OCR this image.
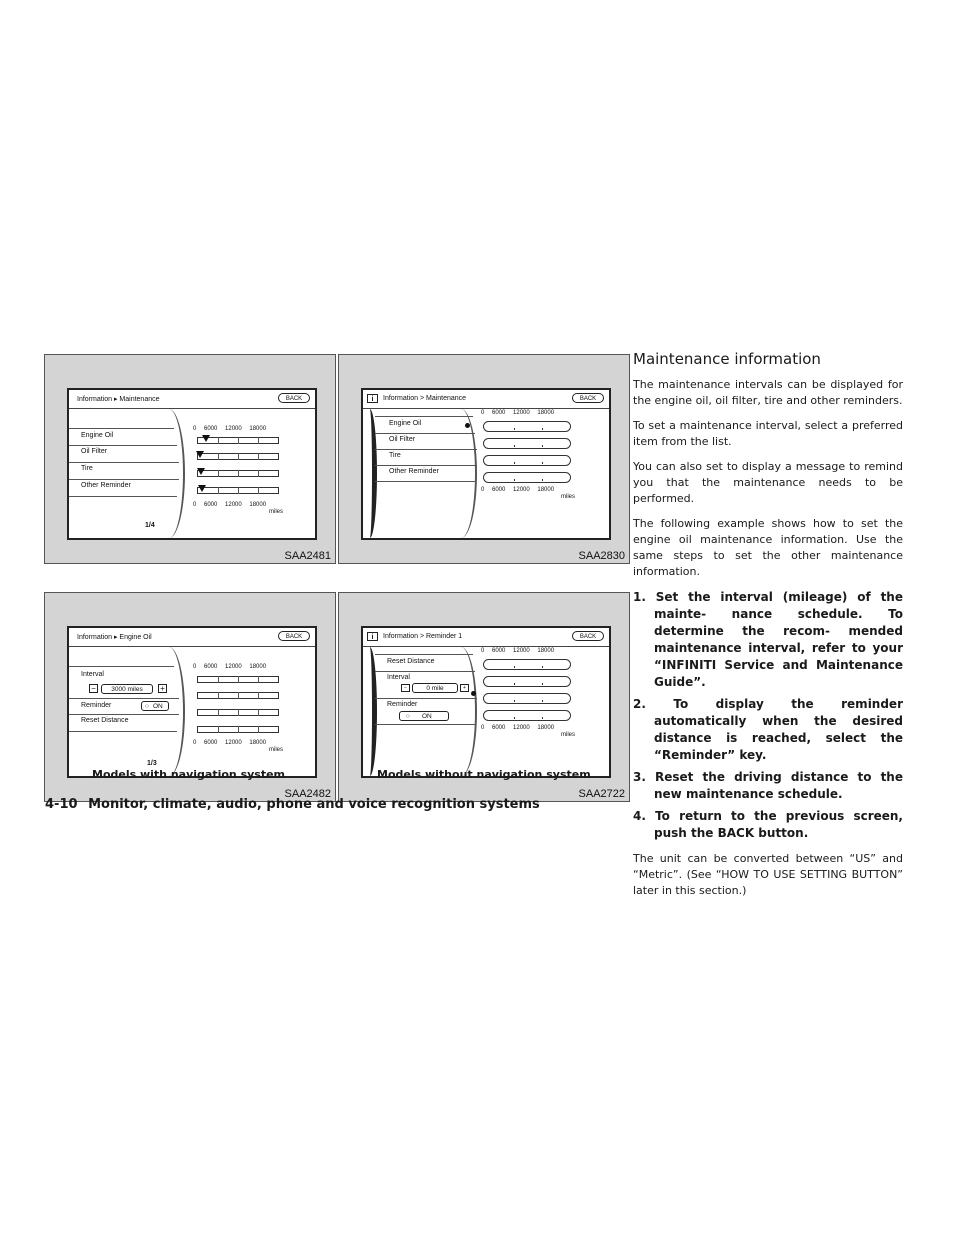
Information ▸ Maintenance	BACK
Engine Oil
Oil Filter
Tire
Other Reminder
0 6000 12000 18000
0 6000 12000 18000
miles
1/4
SAA2481
i	Information > Maintenance	BACK
Engine Oil
Oil Filter
Tire
Other Reminder
0 6000 12000 18000
0 6000 12000 18000
miles
SAA2830
Information ▸ Engine Oil	BACK
Interval
−	3000 miles	+
Reminder	○ ON
Reset Distance
0 6000 12000 18000
0 6000 12000 18000
miles
1/3
SAA2482
i	Information > Reminder 1	BACK
Reset Distance
Interval
−	0 mile	+
Reminder
○ ON
0 6000 12000 18000
0 6000 12000 18000
miles
SAA2722
Models with navigation system	Models without navigation system
Maintenance information

The maintenance intervals can be displayed for the engine oil, oil filter, tire and other reminders.

To set a maintenance interval, select a preferred item from the list.

You can also set to display a message to remind you that the maintenance needs to be performed.

The following example shows how to set the engine oil maintenance information. Use the same steps to set the other maintenance information.

1. Set the interval (mileage) of the mainte- nance schedule. To determine the recom- mended maintenance interval, refer to your “INFINITI Service and Maintenance Guide”.
2. To display the reminder automatically when the desired distance is reached, select the “Reminder” key.
3. Reset the driving distance to the new maintenance schedule.
4. To return to the previous screen, push the BACK button.

The unit can be converted between “US” and “Metric”. (See “HOW TO USE SETTING BUTTON” later in this section.)

4-10 Monitor, climate, audio, phone and voice recognition systems
